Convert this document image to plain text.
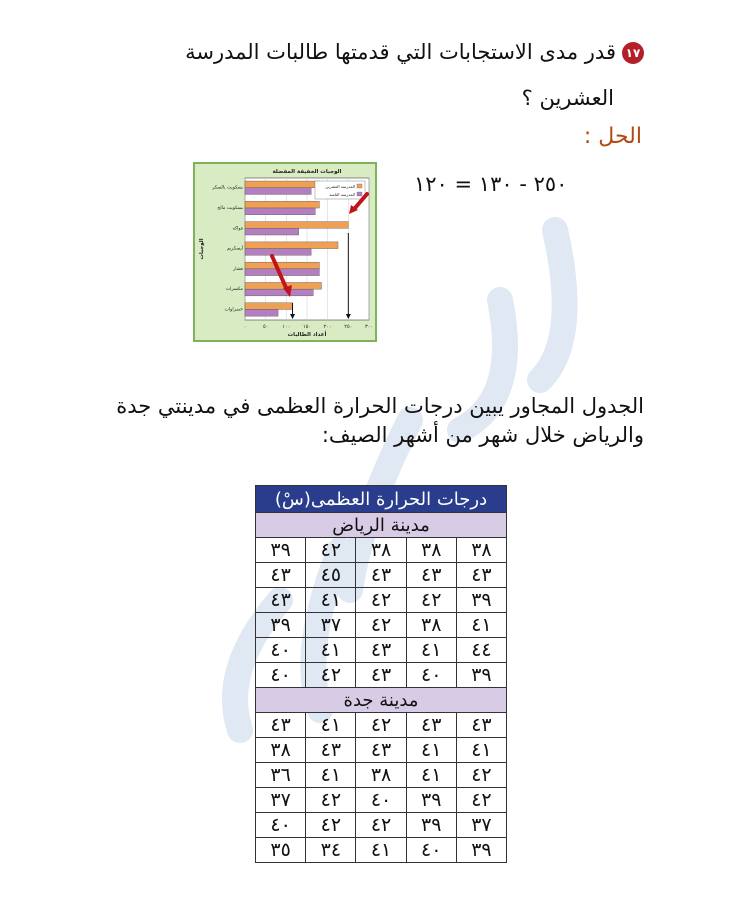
١٧قدر مدى الاستجابات التي قدمتها طالبات المدرسة
العشرين ؟
الحل :
٢٥٠ - ١٣٠ = ١٢٠
٠	٥٠	١٠٠	١٥٠	٢٠٠	٢٥٠	٣٠٠
الوجبات الخفيفة المفضلة
أعداد الطالبات
الوجبات
بسكويت بالسكر
بسكويت مالح
فواكه
آيسكريم
فشار
مكسرات
خضراوات
المدرسة العشرين
المدرسة الثامنة
الجدول المجاور يبين درجات الحرارة العظمى في مدينتي جدة والرياض خلال شهر من أشهر الصيف:
درجات الحرارة العظمى(سْ)				
مدينة الرياض				
٣٨	٣٨	٣٨	٤٢	٣٩
٤٣	٤٣	٤٣	٤٥	٤٣
٣٩	٤٢	٤٢	٤١	٤٣
٤١	٣٨	٤٢	٣٧	٣٩
٤٤	٤١	٤٣	٤١	٤٠
٣٩	٤٠	٤٣	٤٢	٤٠
مدينة جدة				
٤٣	٤٣	٤٢	٤١	٤٣
٤١	٤١	٤٣	٤٣	٣٨
٤٢	٤١	٣٨	٤١	٣٦
٤٢	٣٩	٤٠	٤٢	٣٧
٣٧	٣٩	٤٢	٤٢	٤٠
٣٩	٤٠	٤١	٣٤	٣٥
